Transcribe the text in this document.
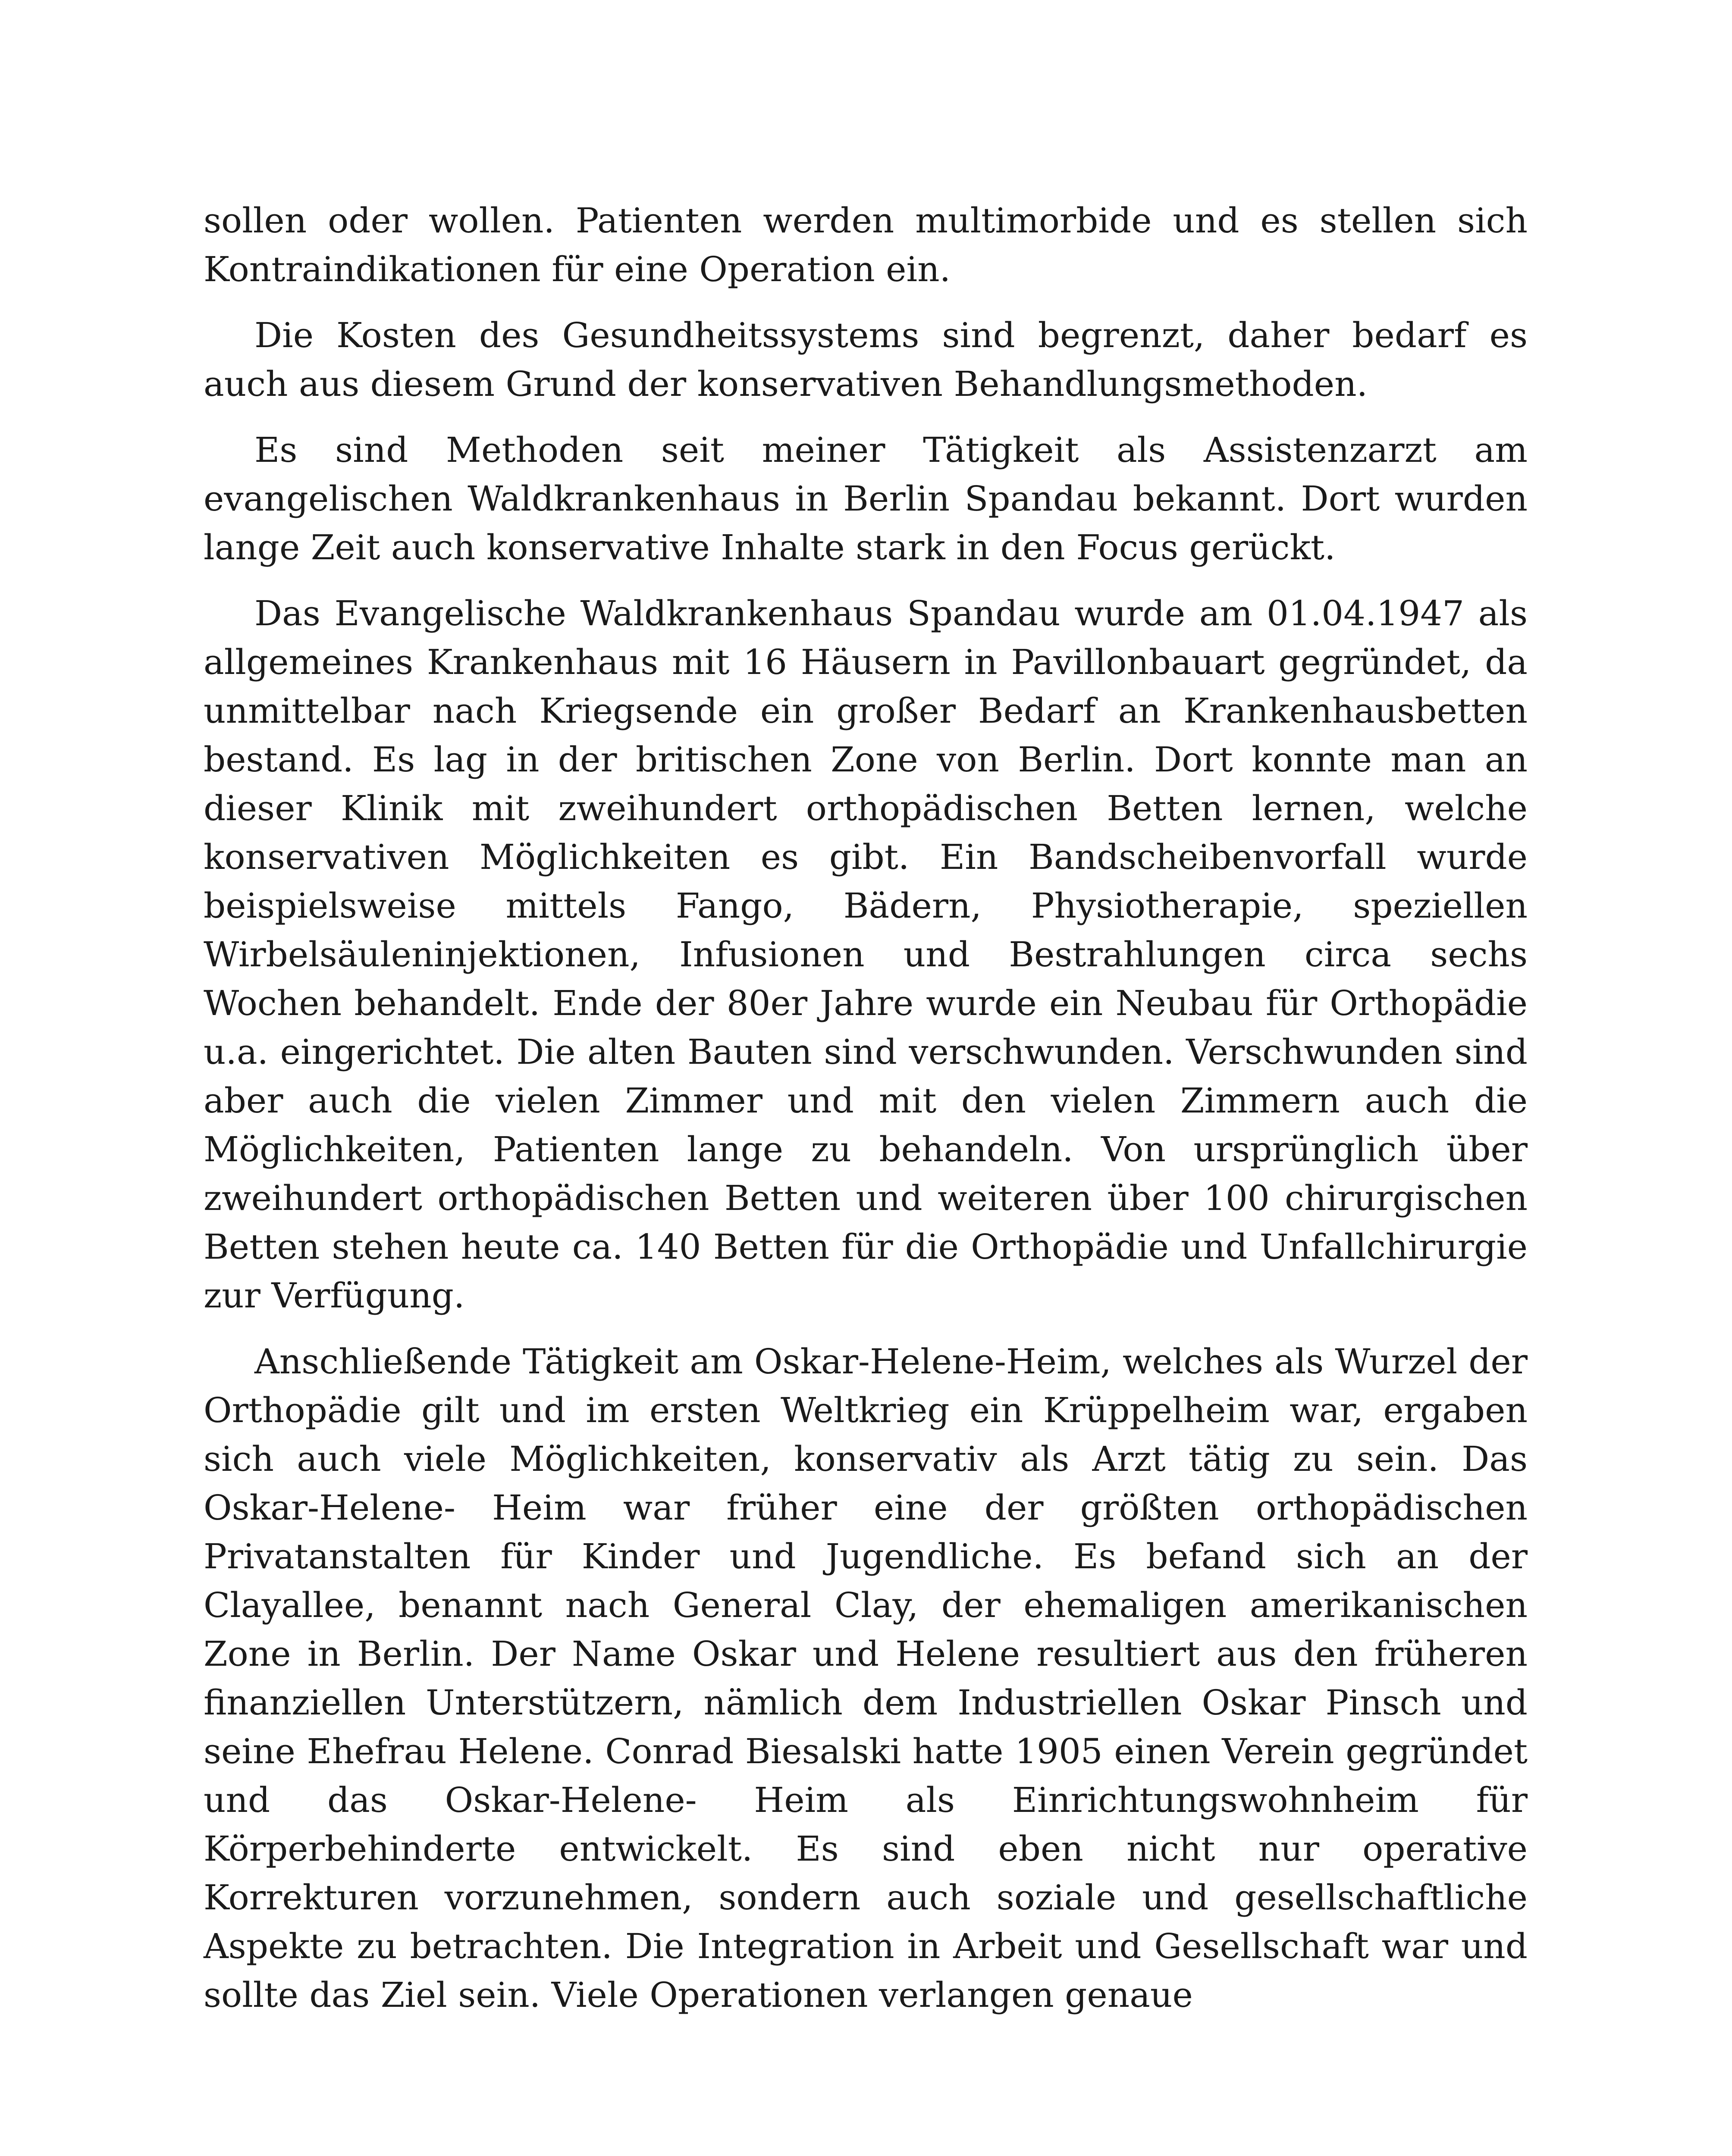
sollen oder wollen. Patienten werden multimorbide und es stellen sich Kontraindikationen für eine Operation ein.

Die Kosten des Gesundheitssystems sind begrenzt, daher bedarf es auch aus diesem Grund der konservativen Behandlungsmethoden.

Es sind Methoden seit meiner Tätigkeit als Assistenzarzt am evangelischen Waldkrankenhaus in Berlin Spandau bekannt. Dort wurden lange Zeit auch konservative Inhalte stark in den Focus gerückt.

Das Evangelische Waldkrankenhaus Spandau wurde am 01.04.1947 als allgemeines Krankenhaus mit 16 Häusern in Pavillonbauart gegründet, da unmittelbar nach Kriegsende ein großer Bedarf an Krankenhausbetten bestand. Es lag in der britischen Zone von Berlin. Dort konnte man an dieser Klinik mit zweihundert orthopädischen Betten lernen, welche konservativen Möglichkeiten es gibt. Ein Bandscheibenvorfall wurde beispielsweise mittels Fango, Bädern, Physiotherapie, speziellen Wirbelsäuleninjektionen, Infusionen und Bestrahlungen circa sechs Wochen behandelt. Ende der 80er Jahre wurde ein Neubau für Orthopädie u.a. eingerichtet. Die alten Bauten sind verschwunden. Verschwunden sind aber auch die vielen Zimmer und mit den vielen Zimmern auch die Möglichkeiten, Patienten lange zu behandeln. Von ursprünglich über zweihundert orthopädischen Betten und weiteren über 100 chirurgischen Betten stehen heute ca. 140 Betten für die Orthopädie und Unfallchirurgie zur Verfügung.

Anschließende Tätigkeit am Oskar-Helene-Heim, welches als Wurzel der Orthopädie gilt und im ersten Weltkrieg ein Krüppelheim war, ergaben sich auch viele Möglichkeiten, konservativ als Arzt tätig zu sein. Das Oskar-Helene- Heim war früher eine der größten orthopädischen Privatanstalten für Kinder und Jugendliche. Es befand sich an der Clayallee, benannt nach General Clay, der ehemaligen amerikanischen Zone in Berlin. Der Name Oskar und Helene resultiert aus den früheren finanziellen Unterstützern, nämlich dem Industriellen Oskar Pinsch und seine Ehefrau Helene. Conrad Biesalski hatte 1905 einen Verein gegründet und das Oskar-Helene- Heim als Einrichtungswohnheim für Körperbehinderte entwickelt. Es sind eben nicht nur operative Korrekturen vorzunehmen, sondern auch soziale und gesellschaftliche Aspekte zu betrachten. Die Integration in Arbeit und Gesellschaft war und sollte das Ziel sein. Viele Operationen verlangen genaue
